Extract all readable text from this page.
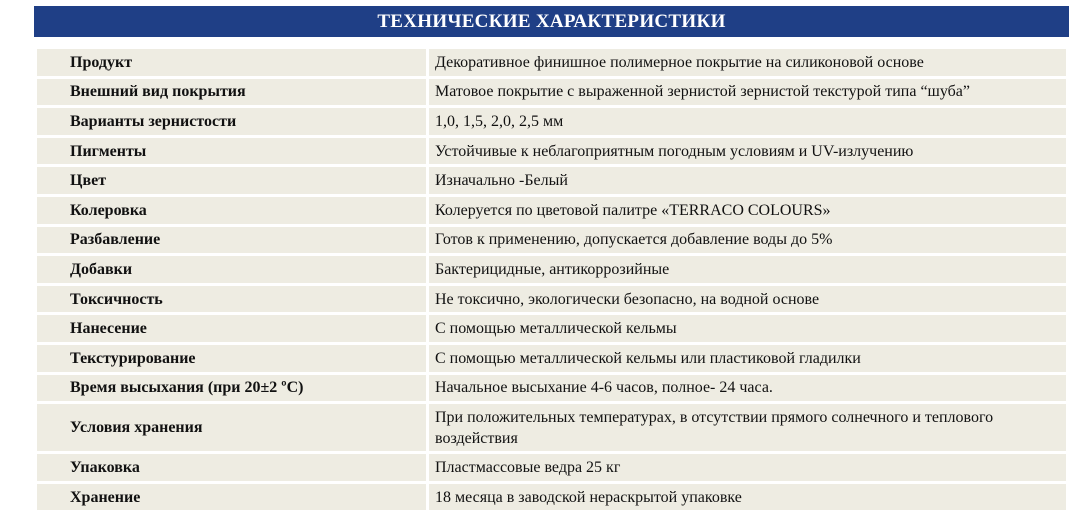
ТЕХНИЧЕСКИЕ ХАРАКТЕРИСТИКИ
Продукт	Декоративное финишное полимерное покрытие на силиконовой основе
Внешний вид покрытия	Матовое покрытие с выраженной зернистой зернистой текстурой типа “шуба”
Варианты зернистости	1,0, 1,5, 2,0, 2,5 мм
Пигменты	Устойчивые к неблагоприятным погодным условиям и UV-излучению
Цвет	Изначально -Белый
Колеровка	Колеруется по цветовой палитре «TERRACO COLOURS»
Разбавление	Готов к применению, допускается добавление воды до 5%
Добавки	Бактерицидные, антикоррозийные
Токсичность	Не токсично, экологически безопасно, на водной основе
Нанесение	С помощью металлической кельмы
Текстурирование	С помощью металлической кельмы или пластиковой гладилки
Время высыхания (при 20±2 ºС)	Начальное высыхание 4-6 часов, полное- 24 часа.
Условия хранения	При положительных температурах, в отсутствии прямого солнечного и теплового воздействия
Упаковка	Пластмассовые ведра 25 кг
Хранение	18 месяца в заводской нераскрытой упаковке
